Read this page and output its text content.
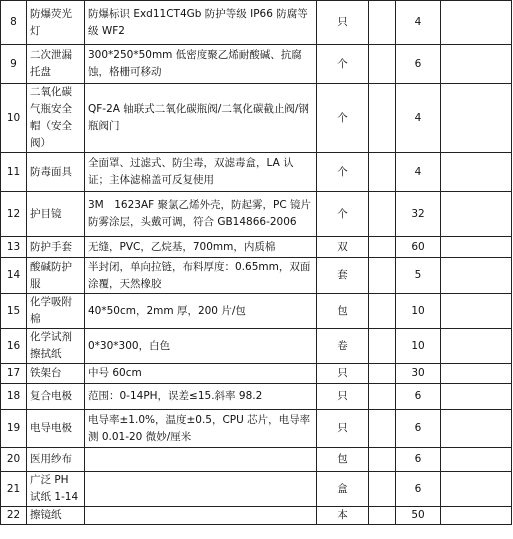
8	防爆荧光灯	防爆标识 Exd11CT4Gb 防护等级 IP66 防腐等级 WF2	只		4	
9	二次泄漏托盘	300*250*50mm 低密度聚乙烯耐酸碱、抗腐蚀，格栅可移动	个		6	
10	二氧化碳气瓶安全帽（安全阀）	QF-2A 轴联式二氧化碳瓶阀/二氧化碳截止阀/钢瓶阀门	个		4	
11	防毒面具	全面罩、过滤式、防尘毒，双滤毒盒，LA 认证；主体滤棉盖可反复使用	个		4	
12	护目镜	3M　1623AF 聚氯乙烯外壳，防起雾，PC 镜片防雾涂层，头戴可调，符合 GB14866-2006	个		32	
13	防护手套	无缝，PVC，乙烷基，700mm，内质棉	双		60	
14	酸碱防护服	半封闭，单向拉链，布料厚度：0.65mm，双面涂覆，天然橡胶	套		5	
15	化学吸附棉	40*50cm，2mm 厚，200 片/包	包		10	
16	化学试剂擦拭纸	0*30*300，白色	卷		10	
17	铁架台	中号 60cm	只		30	
18	复合电极	范围：0-14PH，误差≤15.斜率 98.2	只		6	
19	电导电极	电导率±1.0%，温度±0.5，CPU 芯片，电导率测 0.01-20 微妙/厘米	只		6	
20	医用纱布		包		6	
21	广泛 PH 试纸 1-14		盒		6	
22	擦镜纸		本		50	
